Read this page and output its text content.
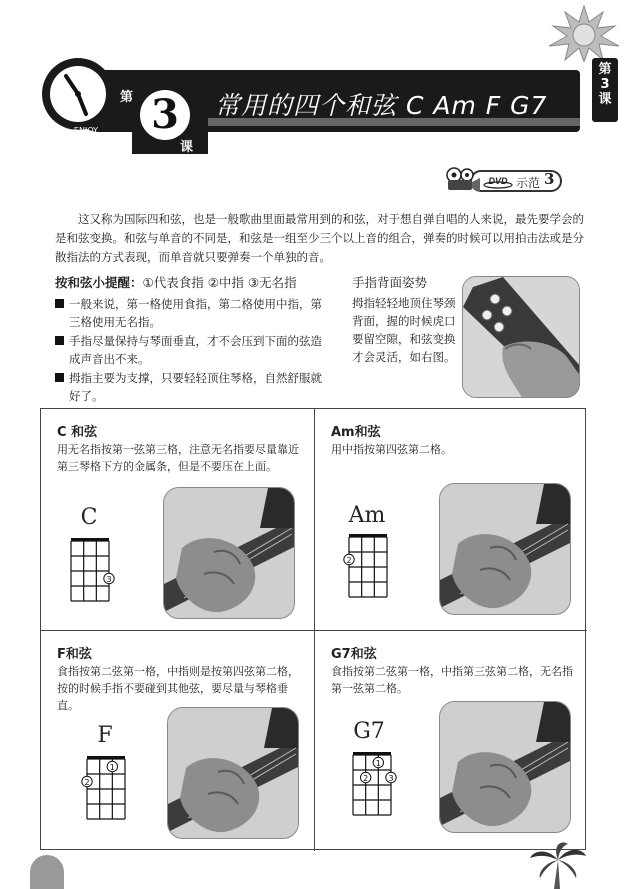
ENJOY
UKULELE
第 3
课
常用的四个和弦 C Am F G7
第
3
课
DVD 示范 3

这又称为国际四和弦，也是一般歌曲里面最常用到的和弦，对于想自弹自唱的人来说，最先要学会的是和弦变换。和弦与单音的不同是，和弦是一组至少三个以上音的组合，弹奏的时候可以用拍击法或是分散指法的方式表现，而单音就只要弹奏一个单独的音。

按和弦小提醒：①代表食指 ②中指 ③无名指
一般来说，第一格使用食指，第二格使用中指，第三格使用无名指。
手指尽量保持与琴面垂直，才不会压到下面的弦造成声音出不来。
拇指主要为支撑，只要轻轻顶住琴格，自然舒服就好了。
手指背面姿势
拇指轻轻地顶住琴颈背面，握的时候虎口要留空隙，和弦变换才会灵活，如右图。
C 和弦
用无名指按第一弦第三格，注意无名指要尽量靠近第三琴格下方的金属条，但是不要压在上面。
C
3
Am和弦
用中指按第四弦第二格。
Am
2
F和弦
食指按第二弦第一格，中指则是按第四弦第二格，按的时候手指不要碰到其他弦，要尽量与琴格垂直。
F
1
2
G7和弦
食指按第二弦第一格，中指第三弦第二格，无名指第一弦第二格。
G7
1
2	3
